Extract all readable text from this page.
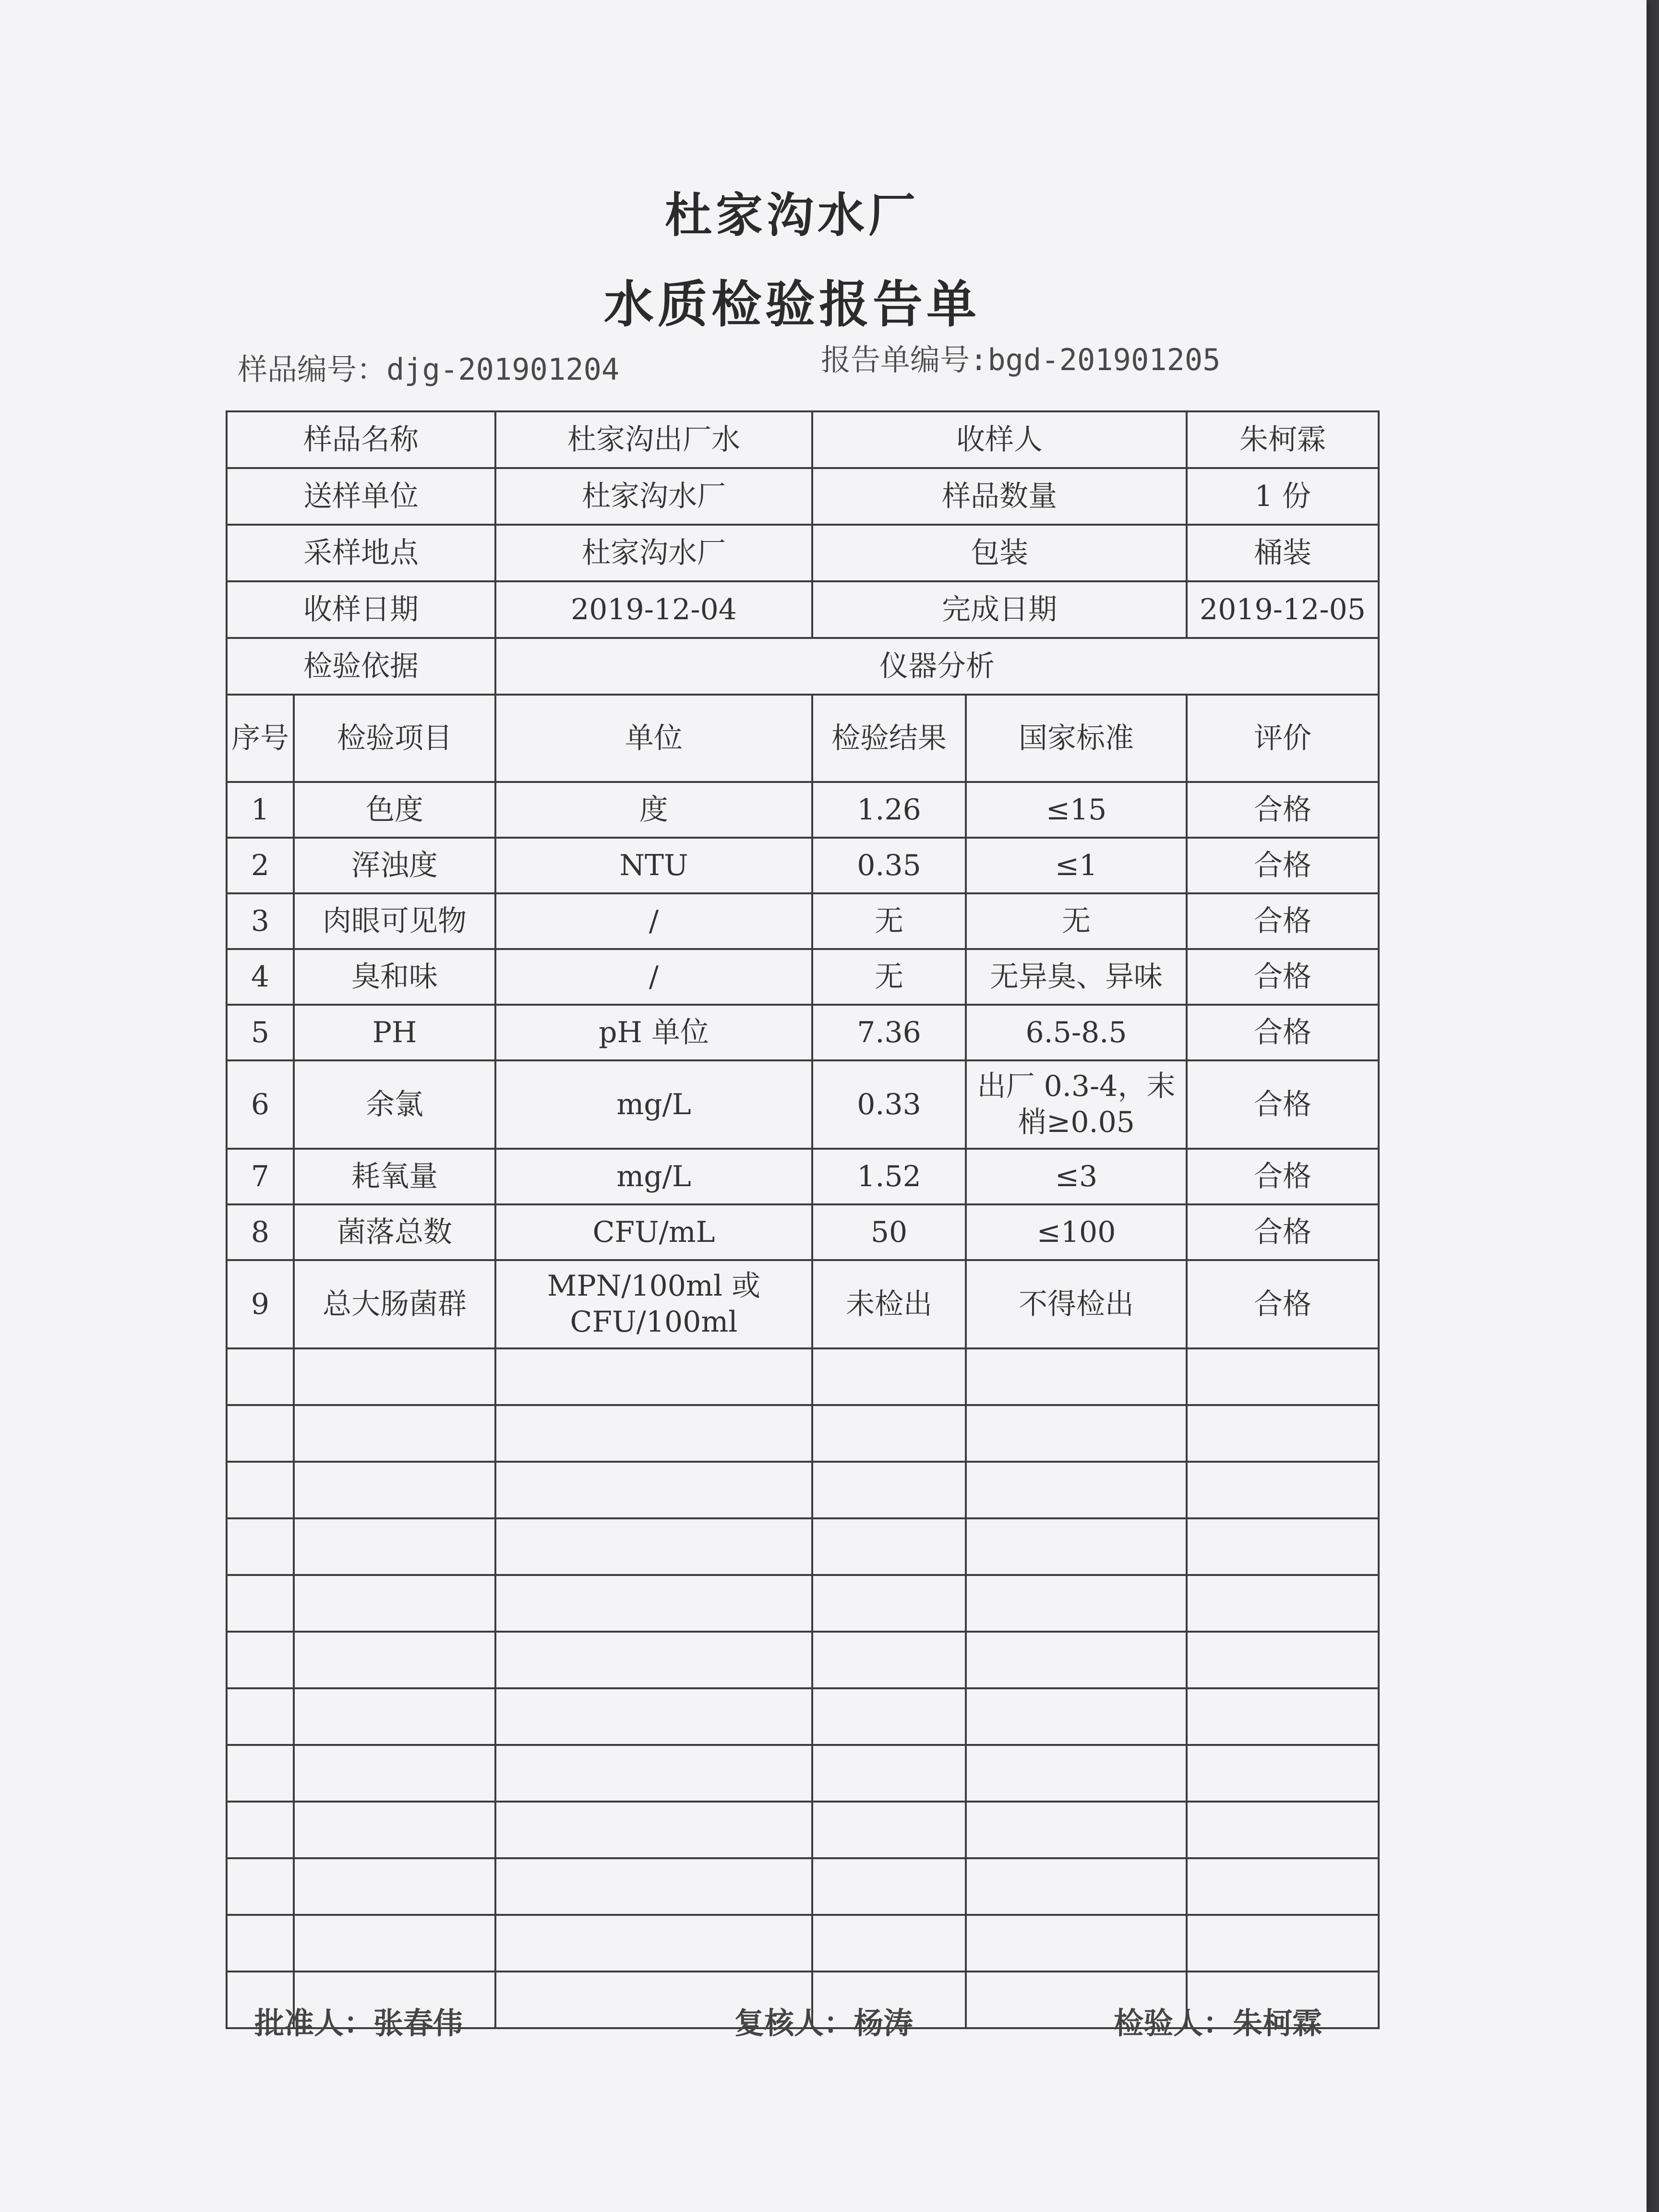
杜家沟水厂
水质检验报告单
样品编号：djg-201901204	报告单编号:bgd-201901205
样品名称		杜家沟出厂水	收样人		朱柯霖
送样单位		杜家沟水厂	样品数量		1 份
采样地点		杜家沟水厂	包装		桶装
收样日期		2019-12-04	完成日期		2019-12-05
检验依据		仪器分析			
序号	检验项目	单位	检验结果	国家标准	评价
1	色度	度	1.26	≤15	合格
2	浑浊度	NTU	0.35	≤1	合格
3	肉眼可见物	/	无	无	合格
4	臭和味	/	无	无异臭、异味	合格
5	PH	pH 单位	7.36	6.5-8.5	合格
6	余氯	mg/L	0.33	出厂 0.3-4，末梢≥0.05	合格
7	耗氧量	mg/L	1.52	≤3	合格
8	菌落总数	CFU/mL	50	≤100	合格
9	总大肠菌群	MPN/100ml 或 CFU/100ml	未检出	不得检出	合格

批准人：张春伟	复核人：杨涛	检验人：朱柯霖
